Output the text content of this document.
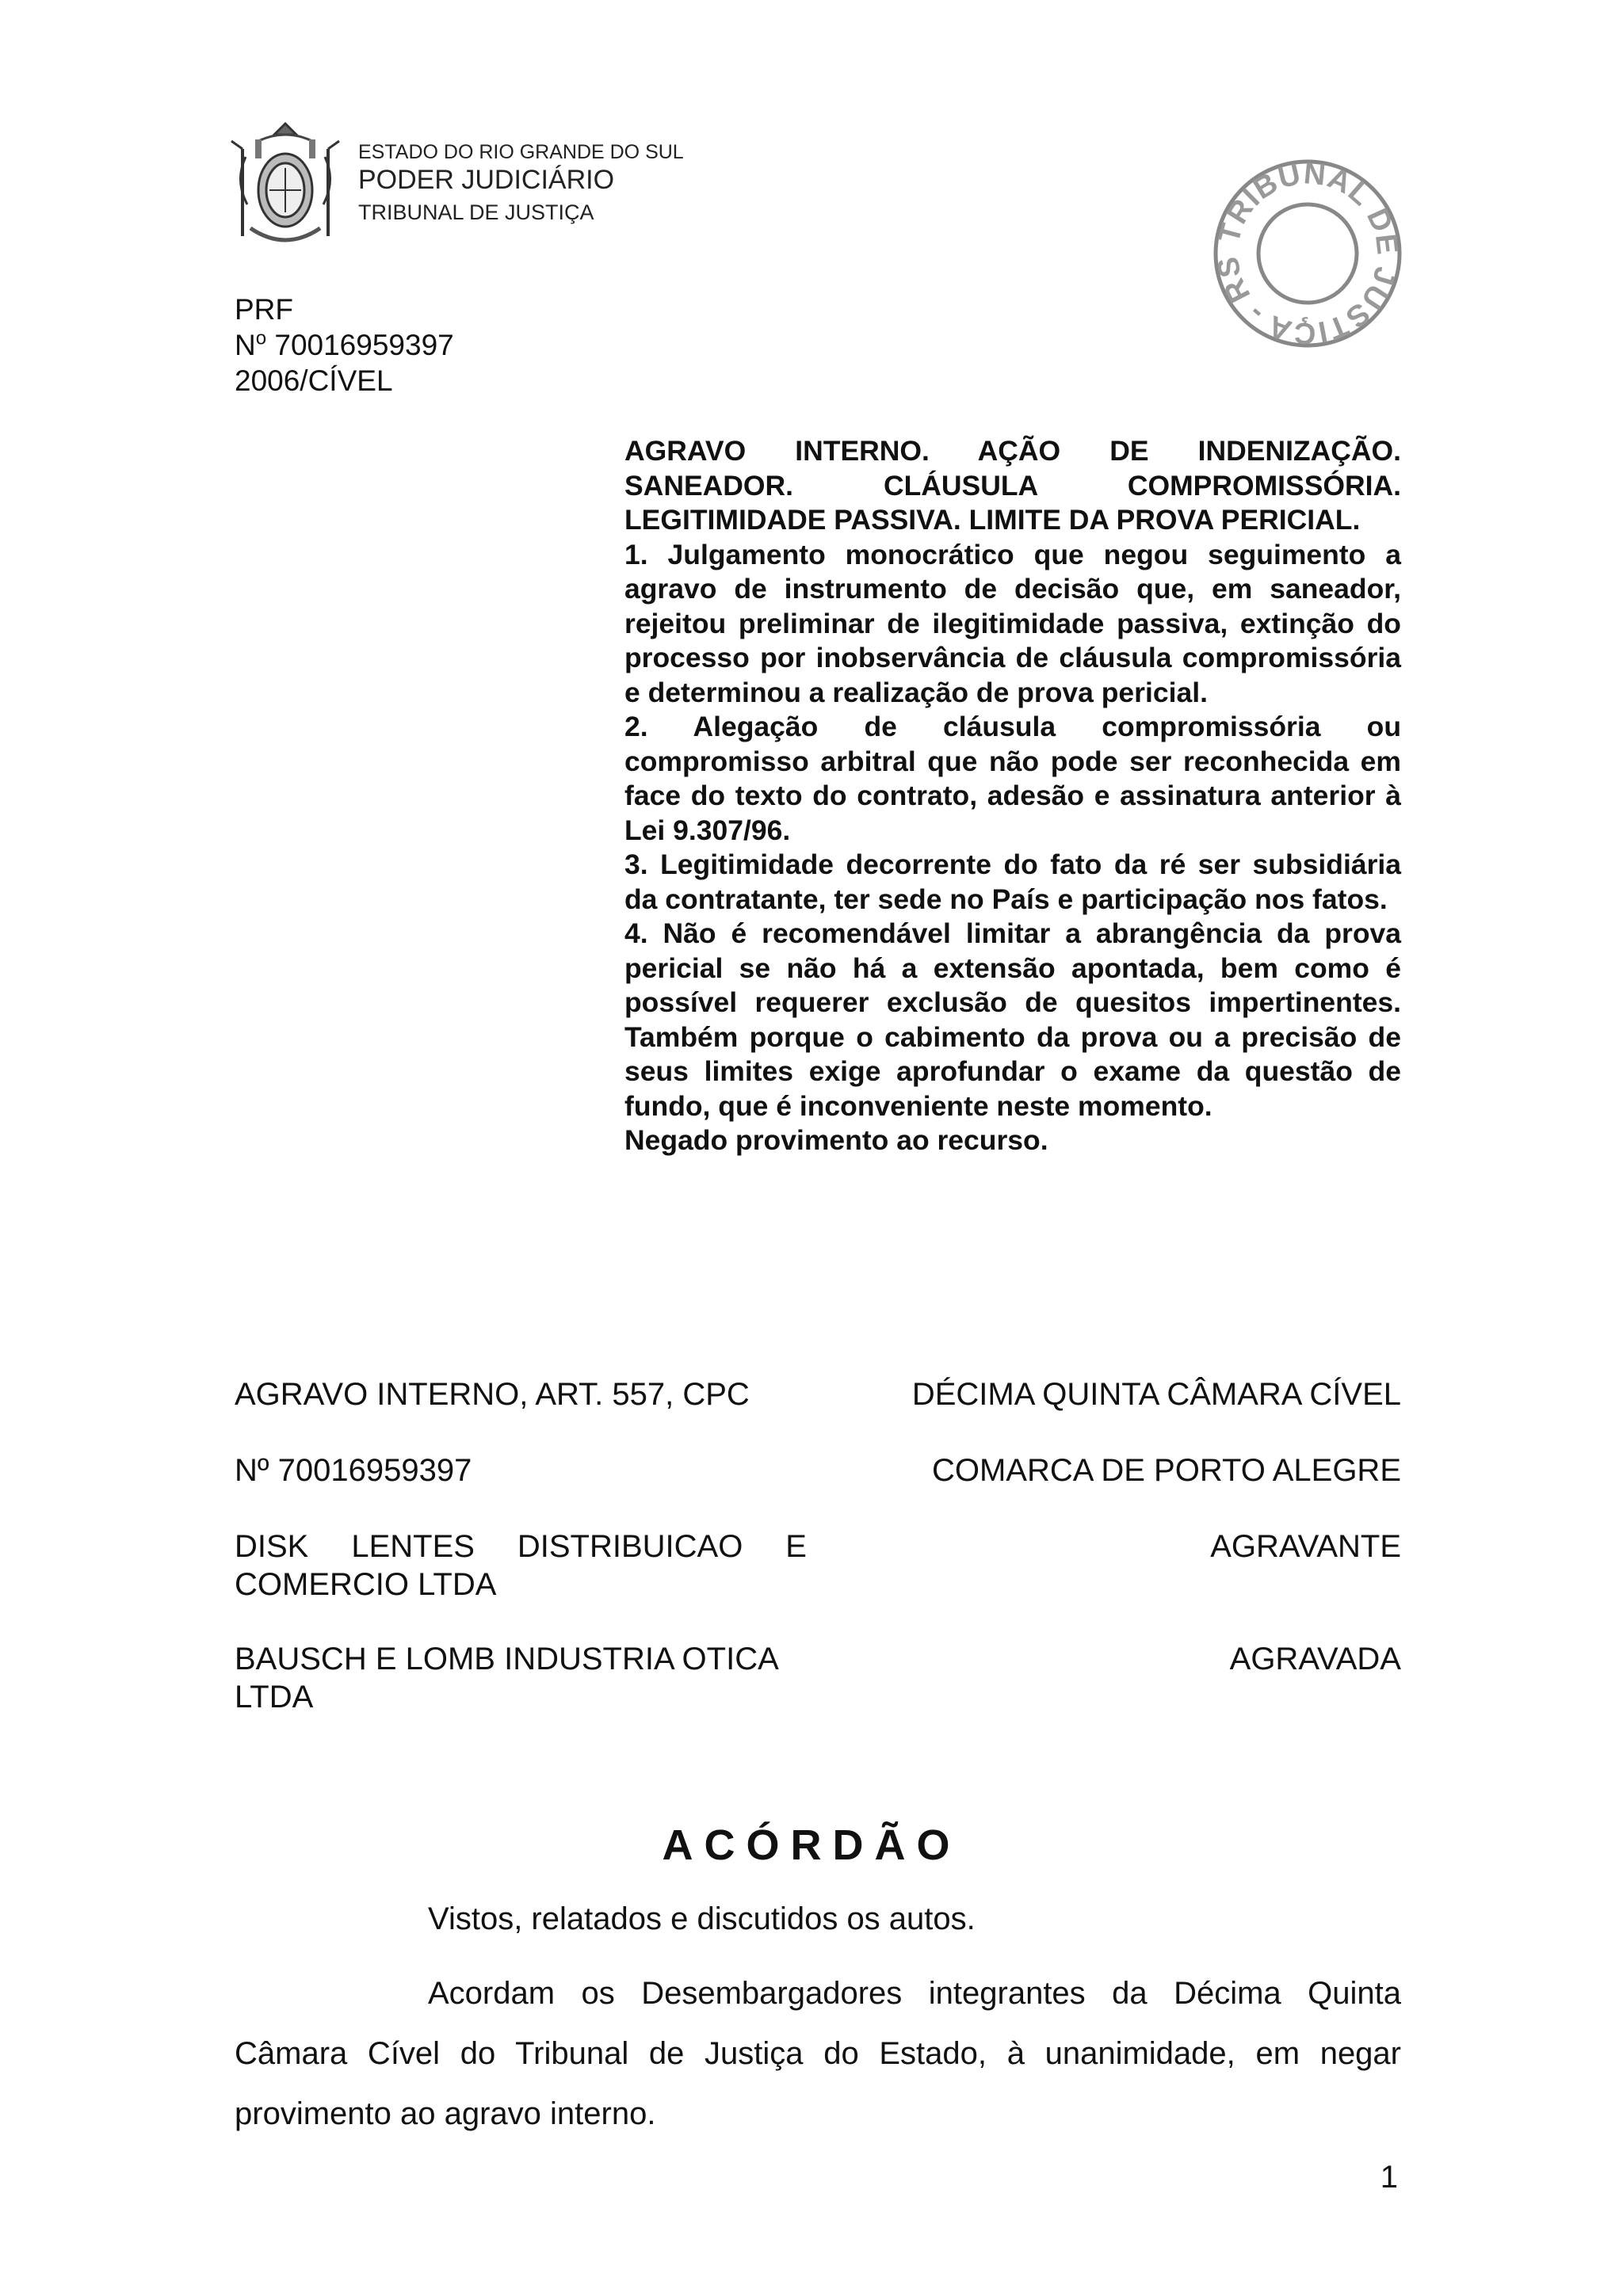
ESTADO DO RIO GRANDE DO SUL
PODER JUDICIÁRIO
TRIBUNAL DE JUSTIÇA
TRIBUNAL DE JUSTIÇA - RS
PRF
$N^o$ 70016959397
2006/CÍVEL

AGRAVO INTERNO. AÇÃO DE INDENIZAÇÃO. SANEADOR. CLÁUSULA COMPROMISSÓRIA. LEGITIMIDADE PASSIVA. LIMITE DA PROVA PERICIAL.

1. Julgamento monocrático que negou seguimento a agravo de instrumento de decisão que, em saneador, rejeitou preliminar de ilegitimidade passiva, extinção do processo por inobservância de cláusula compromissória e determinou a realização de prova pericial.

2. Alegação de cláusula compromissória ou compromisso arbitral que não pode ser reconhecida em face do texto do contrato, adesão e assinatura anterior à Lei 9.307/96.

3. Legitimidade decorrente do fato da ré ser subsidiária da contratante, ter sede no País e participação nos fatos.

4. Não é recomendável limitar a abrangência da prova pericial se não há a extensão apontada, bem como é possível requerer exclusão de quesitos impertinentes. Também porque o cabimento da prova ou a precisão de seus limites exige aprofundar o exame da questão de fundo, que é inconveniente neste momento.

Negado provimento ao recurso.

AGRAVO INTERNO, ART. 557, CPC	DÉCIMA QUINTA CÂMARA CÍVEL
Nº 70016959397	COMARCA DE PORTO ALEGRE
DISK LENTES DISTRIBUICAO E
COMERCIO LTDA
AGRAVANTE
BAUSCH E LOMB INDUSTRIA OTICA
LTDA
AGRAVADA
ACÓRDÃO
Vistos, relatados e discutidos os autos.
Acordam os Desembargadores integrantes da Décima Quinta Câmara Cível do Tribunal de Justiça do Estado, à unanimidade, em negar provimento ao agravo interno.
1
